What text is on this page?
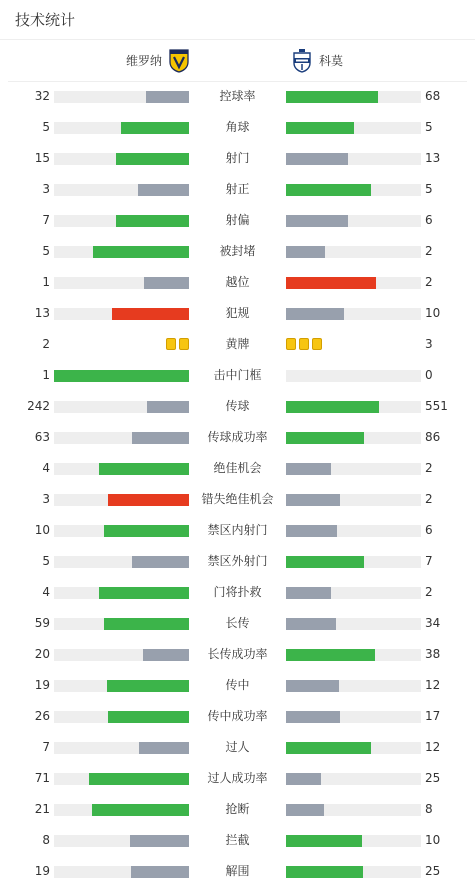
技术统计
维罗纳	科莫
32	控球率	68
5	角球	5
15	射门	13
3	射正	5
7	射偏	6
5	被封堵	2
1	越位	2
13	犯规	10
2	黄牌	3
1	击中门框	0
242	传球	551
63	传球成功率	86
4	绝佳机会	2
3	错失绝佳机会	2
10	禁区内射门	6
5	禁区外射门	7
4	门将扑救	2
59	长传	34
20	长传成功率	38
19	传中	12
26	传中成功率	17
7	过人	12
71	过人成功率	25
21	抢断	8
8	拦截	10
19	解围	25
